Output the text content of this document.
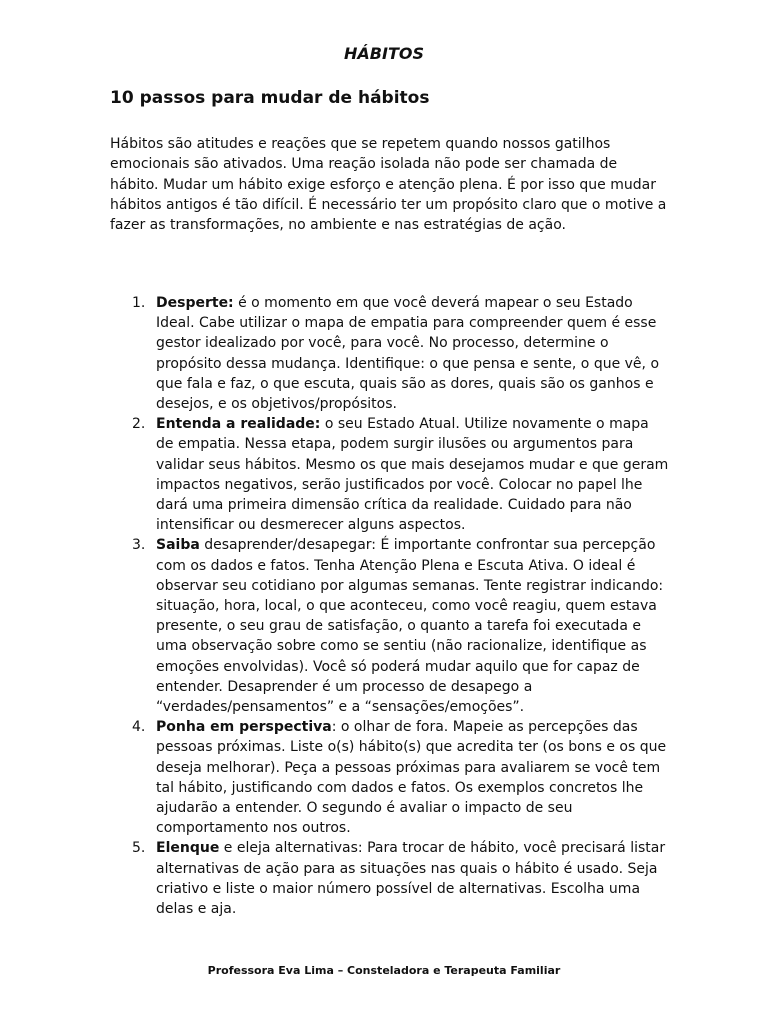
HÁBITOS
10 passos para mudar de hábitos

Hábitos são atitudes e reações que se repetem quando nossos gatilhos emocionais são ativados. Uma reação isolada não pode ser chamada de hábito. Mudar um hábito exige esforço e atenção plena. É por isso que mudar hábitos antigos é tão difícil. É necessário ter um propósito claro que o motive a fazer as transformações, no ambiente e nas estratégias de ação.

1. Desperte: é o momento em que você deverá mapear o seu Estado Ideal. Cabe utilizar o mapa de empatia para compreender quem é esse gestor idealizado por você, para você. No processo, determine o propósito dessa mudança. Identifique: o que pensa e sente, o que vê, o que fala e faz, o que escuta, quais são as dores, quais são os ganhos e desejos, e os objetivos/propósitos.
2. Entenda a realidade: o seu Estado Atual. Utilize novamente o mapa de empatia. Nessa etapa, podem surgir ilusões ou argumentos para validar seus hábitos. Mesmo os que mais desejamos mudar e que geram impactos negativos, serão justificados por você. Colocar no papel lhe dará uma primeira dimensão crítica da realidade. Cuidado para não intensificar ou desmerecer alguns aspectos.
3. Saiba desaprender/desapegar: É importante confrontar sua percepção com os dados e fatos. Tenha Atenção Plena e Escuta Ativa. O ideal é observar seu cotidiano por algumas semanas. Tente registrar indicando: situação, hora, local, o que aconteceu, como você reagiu, quem estava presente, o seu grau de satisfação, o quanto a tarefa foi executada e uma observação sobre como se sentiu (não racionalize, identifique as emoções envolvidas). Você só poderá mudar aquilo que for capaz de entender. Desaprender é um processo de desapego a “verdades/pensamentos” e a “sensações/emoções”.
4. Ponha em perspectiva: o olhar de fora. Mapeie as percepções das pessoas próximas. Liste o(s) hábito(s) que acredita ter (os bons e os que deseja melhorar). Peça a pessoas próximas para avaliarem se você tem tal hábito, justificando com dados e fatos. Os exemplos concretos lhe ajudarão a entender. O segundo é avaliar o impacto de seu comportamento nos outros.
5. Elenque e eleja alternativas: Para trocar de hábito, você precisará listar alternativas de ação para as situações nas quais o hábito é usado. Seja criativo e liste o maior número possível de alternativas. Escolha uma delas e aja.
Professora Eva Lima – Consteladora e Terapeuta Familiar
